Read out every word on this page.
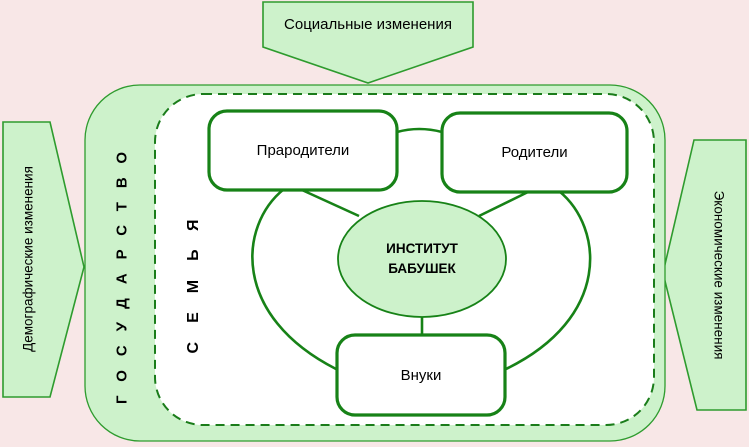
Социальные изменения
Демографические изменения	Экономические изменения
ГОСУДАРСТВО	СЕМЬЯ
Прародители	Родители
Внуки
ИНСТИТУТ
БАБУШЕК
